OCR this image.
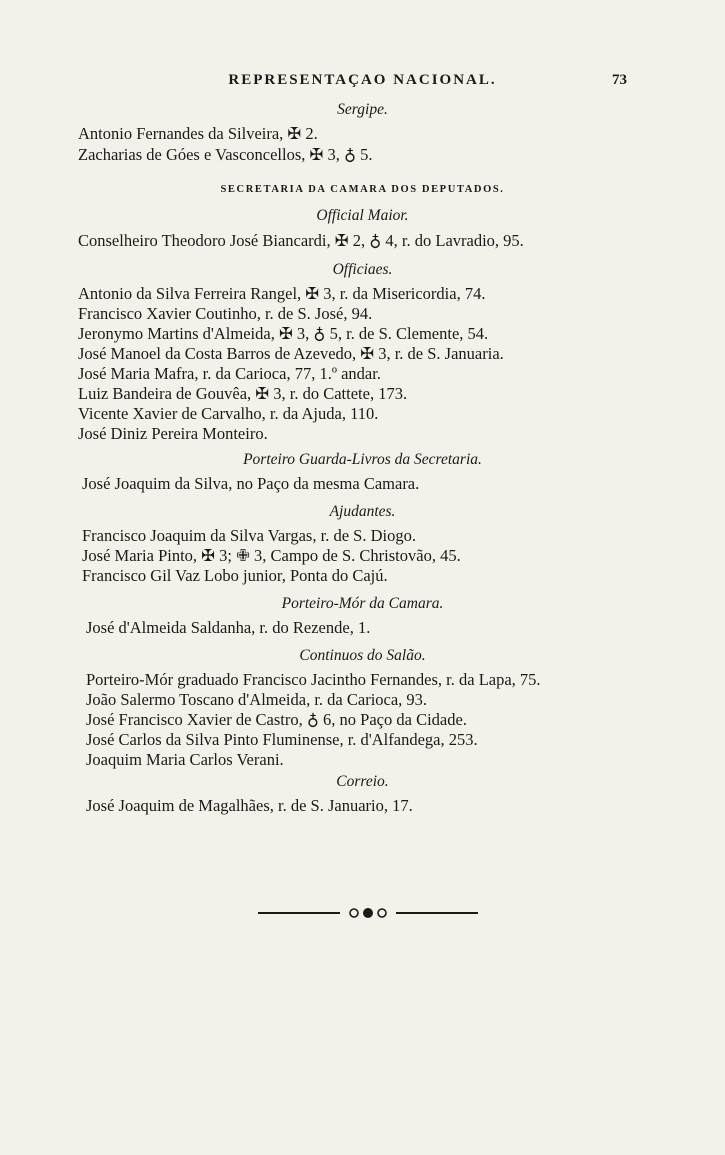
REPRESENTAÇAO NACIONAL.	73
Sergipe.
Antonio Fernandes da Silveira, ✠ 2.
Zacharias de Góes e Vasconcellos, ✠ 3, ♁ 5.
SECRETARIA DA CAMARA DOS DEPUTADOS.
Official Maior.
Conselheiro Theodoro José Biancardi, ✠ 2, ♁ 4, r. do Lavradio, 95.
Officiaes.
Antonio da Silva Ferreira Rangel, ✠ 3, r. da Misericordia, 74.
Francisco Xavier Coutinho, r. de S. José, 94.
Jeronymo Martins d'Almeida, ✠ 3, ♁ 5, r. de S. Clemente, 54.
José Manoel da Costa Barros de Azevedo, ✠ 3, r. de S. Januaria.
José Maria Mafra, r. da Carioca, 77, 1.º andar.
Luiz Bandeira de Gouvêa, ✠ 3, r. do Cattete, 173.
Vicente Xavier de Carvalho, r. da Ajuda, 110.
José Diniz Pereira Monteiro.
Porteiro Guarda-Livros da Secretaria.
José Joaquim da Silva, no Paço da mesma Camara.
Ajudantes.
Francisco Joaquim da Silva Vargas, r. de S. Diogo.
José Maria Pinto, ✠ 3; ✙ 3, Campo de S. Christovão, 45.
Francisco Gil Vaz Lobo junior, Ponta do Cajú.
Porteiro-Mór da Camara.
José d'Almeida Saldanha, r. do Rezende, 1.
Continuos do Salão.
Porteiro-Mór graduado Francisco Jacintho Fernandes, r. da Lapa, 75.
João Salermo Toscano d'Almeida, r. da Carioca, 93.
José Francisco Xavier de Castro, ♁ 6, no Paço da Cidade.
José Carlos da Silva Pinto Fluminense, r. d'Alfandega, 253.
Joaquim Maria Carlos Verani.
Correio.
José Joaquim de Magalhães, r. de S. Januario, 17.
